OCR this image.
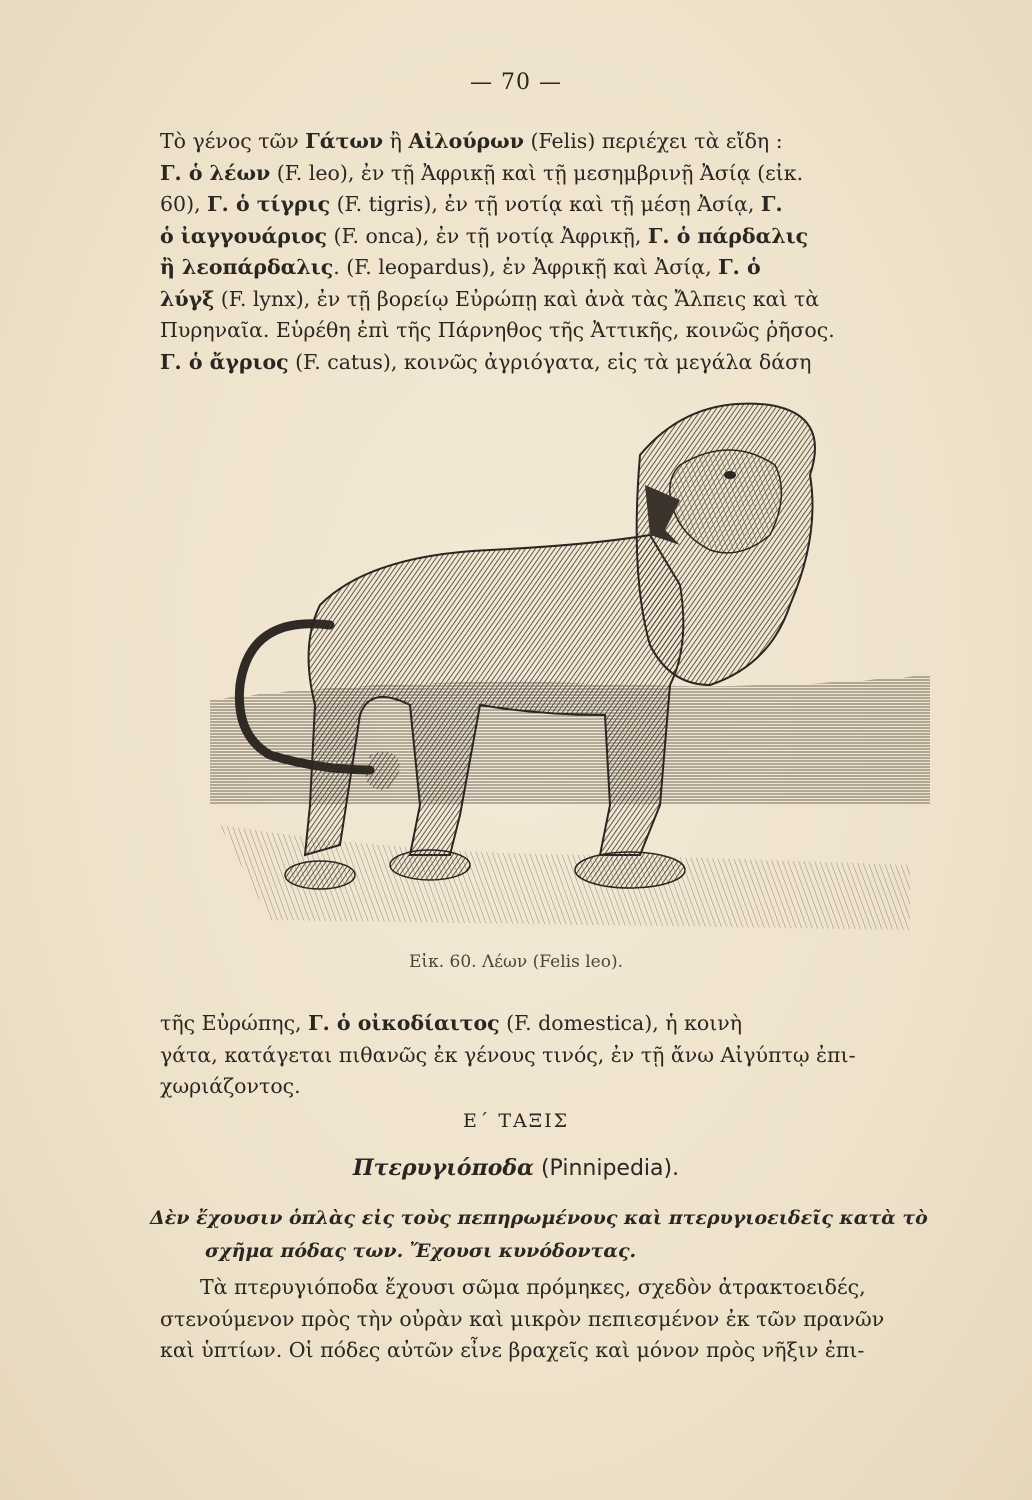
— 70 —
Τὸ γένος τῶν Γάτων ἢ Αἰλούρων (Felis) περιέχει τὰ εἴδη :
Γ. ὁ λέων (F. leo), ἐν τῇ Ἀφρικῇ καὶ τῇ μεσημβρινῇ Ἀσίᾳ (εἰκ.
60), Γ. ὁ τίγρις (F. tigris), ἐν τῇ νοτίᾳ καὶ τῇ μέσῃ Ἀσίᾳ, Γ.
ὁ ἰαγγουάριος (F. onca), ἐν τῇ νοτίᾳ Ἀφρικῇ, Γ. ὁ πάρδαλις
ἢ λεοπάρδαλις. (F. leopardus), ἐν Ἀφρικῇ καὶ Ἀσίᾳ, Γ. ὁ
λύγξ (F. lynx), ἐν τῇ βορείῳ Εὐρώπῃ καὶ ἀνὰ τὰς Ἄλπεις καὶ τὰ
Πυρηναῖα. Εὑρέθη ἐπὶ τῆς Πάρνηθος τῆς Ἀττικῆς, κοινῶς ῥῆσος.
Γ. ὁ ἄγριος (F. catus), κοινῶς ἀγριόγατα, εἰς τὰ μεγάλα δάση
Εἰκ. 60. Λέων (Felis leo).
τῆς Εὐρώπης, Γ. ὁ οἰκοδίαιτος (F. domestica), ἡ κοινὴ
γάτα, κατάγεται πιθανῶς ἐκ γένους τινός, ἐν τῇ ἄνω Αἰγύπτῳ ἐπι-
χωριάζοντος.
Ε΄ ΤΑΞΙΣ
Πτερυγιόποδα (Pinnipedia).
Δὲν ἔχουσιν ὁπλὰς εἰς τοὺς πεπηρωμένους καὶ πτερυγιοειδεῖς κατὰ τὸ
σχῆμα πόδας των. Ἔχουσι κυνόδοντας.
Τὰ πτερυγιόποδα ἔχουσι σῶμα πρόμηκες, σχεδὸν ἀτρακτοειδές,
στενούμενον πρὸς τὴν οὐρὰν καὶ μικρὸν πεπιεσμένον ἐκ τῶν πρανῶν
καὶ ὑπτίων. Οἱ πόδες αὐτῶν εἶνε βραχεῖς καὶ μόνον πρὸς νῆξιν ἐπι-
